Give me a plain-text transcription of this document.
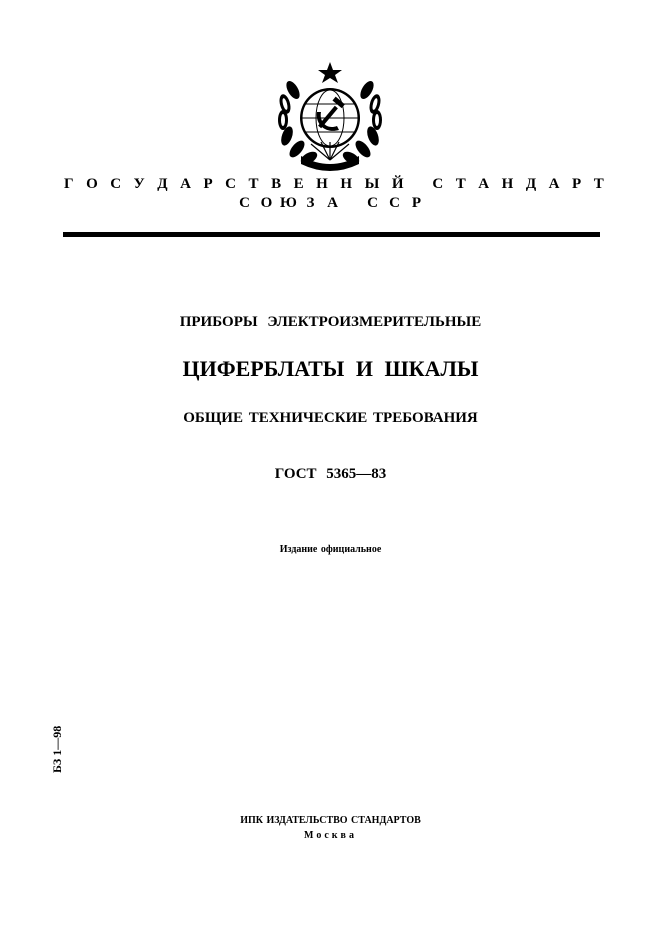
Г О С У Д А Р С Т В Е Н Н Ы Й
С Т А Н Д А Р Т
С О Ю З А С С Р
ПРИБОРЫ ЭЛЕКТРОИЗМЕРИТЕЛЬНЫЕ
ЦИФЕРБЛАТЫ И ШКАЛЫ
ОБЩИЕ ТЕХНИЧЕСКИЕ ТРЕБОВАНИЯ
ГОСТ 5365—83
Издание официальное
БЗ 1—98
ИПК ИЗДАТЕЛЬСТВО СТАНДАРТОВ
Москва
